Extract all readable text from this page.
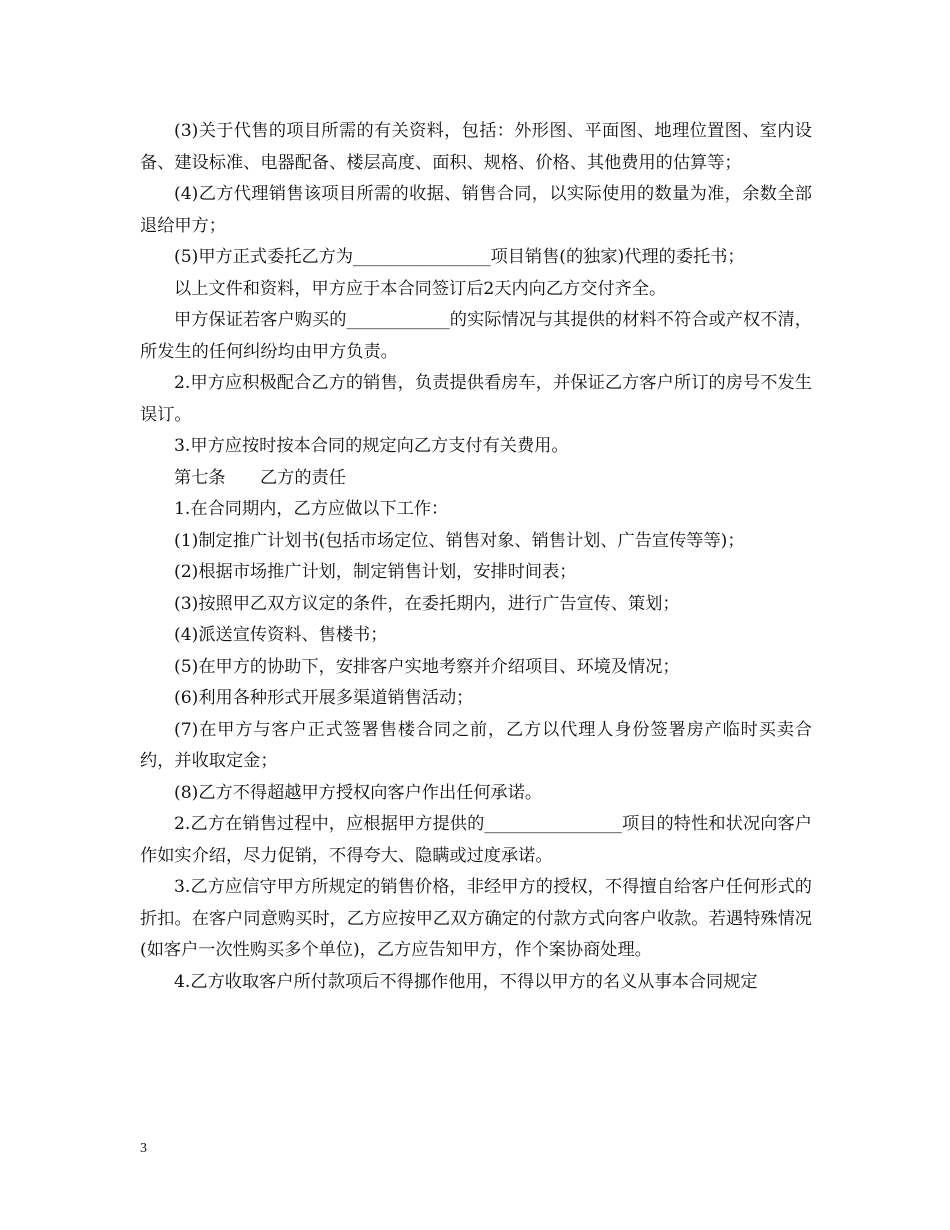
(3)关于代售的项目所需的有关资料，包括：外形图、平面图、地理位置图、室内设备、建设标准、电器配备、楼层高度、面积、规格、价格、其他费用的估算等；

(4)乙方代理销售该项目所需的收据、销售合同，以实际使用的数量为准，余数全部退给甲方；

(5)甲方正式委托乙方为________________项目销售(的独家)代理的委托书；

以上文件和资料，甲方应于本合同签订后2天内向乙方交付齐全。

甲方保证若客户购买的____________的实际情况与其提供的材料不符合或产权不清，所发生的任何纠纷均由甲方负责。

2.甲方应积极配合乙方的销售，负责提供看房车，并保证乙方客户所订的房号不发生误订。

3.甲方应按时按本合同的规定向乙方支付有关费用。

第七条　　乙方的责任

1.在合同期内，乙方应做以下工作：

(1)制定推广计划书(包括市场定位、销售对象、销售计划、广告宣传等等)；

(2)根据市场推广计划，制定销售计划，安排时间表；

(3)按照甲乙双方议定的条件，在委托期内，进行广告宣传、策划；

(4)派送宣传资料、售楼书；

(5)在甲方的协助下，安排客户实地考察并介绍项目、环境及情况；

(6)利用各种形式开展多渠道销售活动；

(7)在甲方与客户正式签署售楼合同之前，乙方以代理人身份签署房产临时买卖合约，并收取定金；

(8)乙方不得超越甲方授权向客户作出任何承诺。

2.乙方在销售过程中，应根据甲方提供的________________项目的特性和状况向客户作如实介绍，尽力促销，不得夸大、隐瞒或过度承诺。

3.乙方应信守甲方所规定的销售价格，非经甲方的授权，不得擅自给客户任何形式的折扣。在客户同意购买时，乙方应按甲乙双方确定的付款方式向客户收款。若遇特殊情况(如客户一次性购买多个单位)，乙方应告知甲方，作个案协商处理。

4.乙方收取客户所付款项后不得挪作他用，不得以甲方的名义从事本合同规定

3
